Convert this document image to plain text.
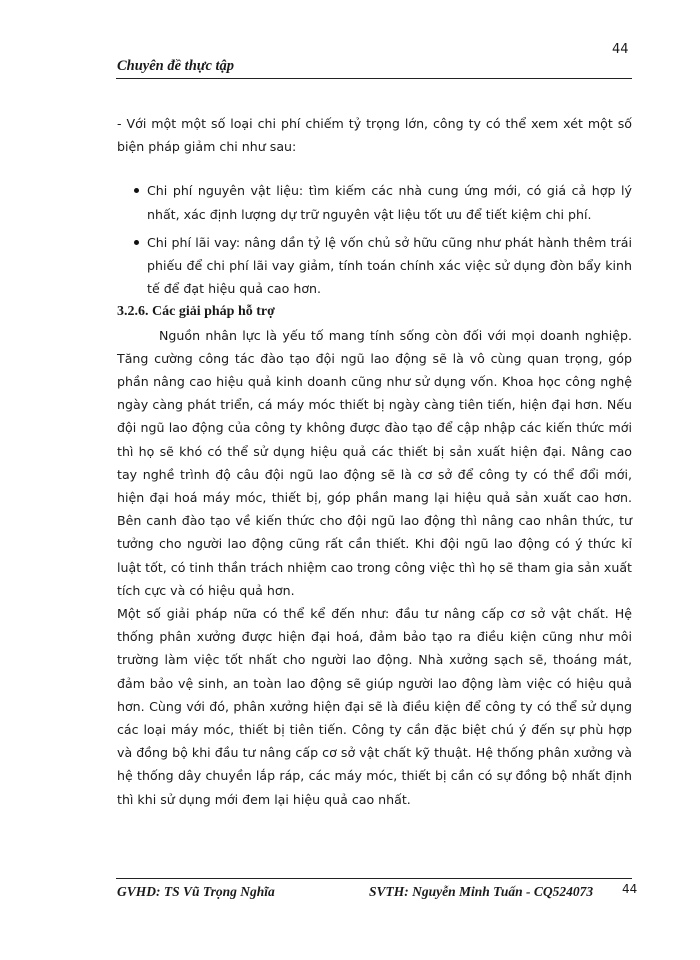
44
Chuyên đề thực tập

- Với một một số loại chi phí chiếm tỷ trọng lớn, công ty có thể xem xét một số biện pháp giảm chi như sau:

Chi phí nguyên vật liệu: tìm kiếm các nhà cung ứng mới, có giá cả hợp lý nhất, xác định lượng dự trữ nguyên vật liệu tốt ưu để tiết kiệm chi phí.
Chi phí lãi vay: nâng dần tỷ lệ vốn chủ sở hữu cũng như phát hành thêm trái phiếu để chi phí lãi vay giảm, tính toán chính xác việc sử dụng đòn bẩy kinh tế để đạt hiệu quả cao hơn.

3.2.6. Các giải pháp hỗ trợ

Nguồn nhân lực là yếu tố mang tính sống còn đối với mọi doanh nghiệp. Tăng cường công tác đào tạo đội ngũ lao động sẽ là vô cùng quan trọng, góp phần nâng cao hiệu quả kinh doanh cũng như sử dụng vốn. Khoa học công nghệ ngày càng phát triển, cá máy móc thiết bị ngày càng tiên tiến, hiện đại hơn. Nếu đội ngũ lao động của công ty không được đào tạo để cập nhập các kiến thức mới thì họ sẽ khó có thể sử dụng hiệu quả các thiết bị sản xuất hiện đại. Nâng cao tay nghề trình độ câu đội ngũ lao động sẽ là cơ sở để công ty có thể đổi mới, hiện đại hoá máy móc, thiết bị, góp phần mang lại hiệu quả sản xuất cao hơn. Bên canh đào tạo về kiến thức cho đội ngũ lao động thì nâng cao nhân thức, tư tưởng cho người lao động cũng rất cần thiết. Khi đội ngũ lao động có ý thức kỉ luật tốt, có tinh thần trách nhiệm cao trong công việc thì họ sẽ tham gia sản xuất tích cực và có hiệu quả hơn.

Một số giải pháp nữa có thể kể đến như: đầu tư nâng cấp cơ sở vật chất. Hệ thống phân xưởng được hiện đại hoá, đảm bảo tạo ra điều kiện cũng như môi trường làm việc tốt nhất cho người lao động. Nhà xưởng sạch sẽ, thoáng mát, đảm bảo vệ sinh, an toàn lao động sẽ giúp người lao động làm việc có hiệu quả hơn. Cùng với đó, phân xưởng hiện đại sẽ là điều kiện để công ty có thể sử dụng các loại máy móc, thiết bị tiên tiến. Công ty cần đặc biệt chú ý đến sự phù hợp và đồng bộ khi đầu tư nâng cấp cơ sở vật chất kỹ thuật. Hệ thống phân xưởng và hệ thống dây chuyền lắp ráp, các máy móc, thiết bị cần có sự đồng bộ nhất định thì khi sử dụng mới đem lại hiệu quả cao nhất.

GVHD: TS Vũ Trọng Nghĩa	SVTH: Nguyễn Minh Tuấn - CQ524073 44
